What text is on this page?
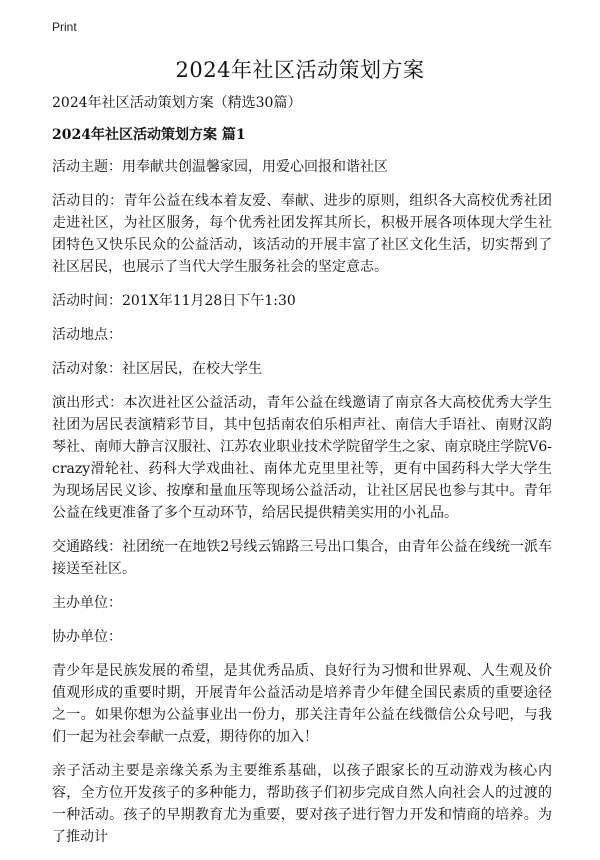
Print
2024年社区活动策划方案

2024年社区活动策划方案（精选30篇）

2024年社区活动策划方案 篇1

活动主题：用奉献共创温馨家园，用爱心回报和谐社区

活动目的：青年公益在线本着友爱、奉献、进步的原则，组织各大高校优秀社团走进社区，为社区服务，每个优秀社团发挥其所长，积极开展各项体现大学生社团特色又快乐民众的公益活动，该活动的开展丰富了社区文化生活，切实帮到了社区居民，也展示了当代大学生服务社会的坚定意志。

活动时间：201X年11月28日下午1:30

活动地点：

活动对象：社区居民，在校大学生

演出形式：本次进社区公益活动，青年公益在线邀请了南京各大高校优秀大学生社团为居民表演精彩节目，其中包括南农伯乐相声社、南信大手语社、南财汉韵琴社、南师大静言汉服社、江苏农业职业技术学院留学生之家、南京晓庄学院V6-crazy滑轮社、药科大学戏曲社、南体尤克里里社等，更有中国药科大学大学生为现场居民义诊、按摩和量血压等现场公益活动，让社区居民也参与其中。青年公益在线更准备了多个互动环节，给居民提供精美实用的小礼品。

交通路线：社团统一在地铁2号线云锦路三号出口集合，由青年公益在线统一派车接送至社区。

主办单位：

协办单位：

青少年是民族发展的希望，是其优秀品质、良好行为习惯和世界观、人生观及价值观形成的重要时期，开展青年公益活动是培养青少年健全国民素质的重要途径之一。如果你想为公益事业出一份力，那关注青年公益在线微信公众号吧，与我们一起为社会奉献一点爱，期待你的加入！

亲子活动主要是亲缘关系为主要维系基础，以孩子跟家长的互动游戏为核心内容，全方位开发孩子的多种能力，帮助孩子们初步完成自然人向社会人的过渡的一种活动。孩子的早期教育尤为重要，要对孩子进行智力开发和情商的培养。为了推动计
